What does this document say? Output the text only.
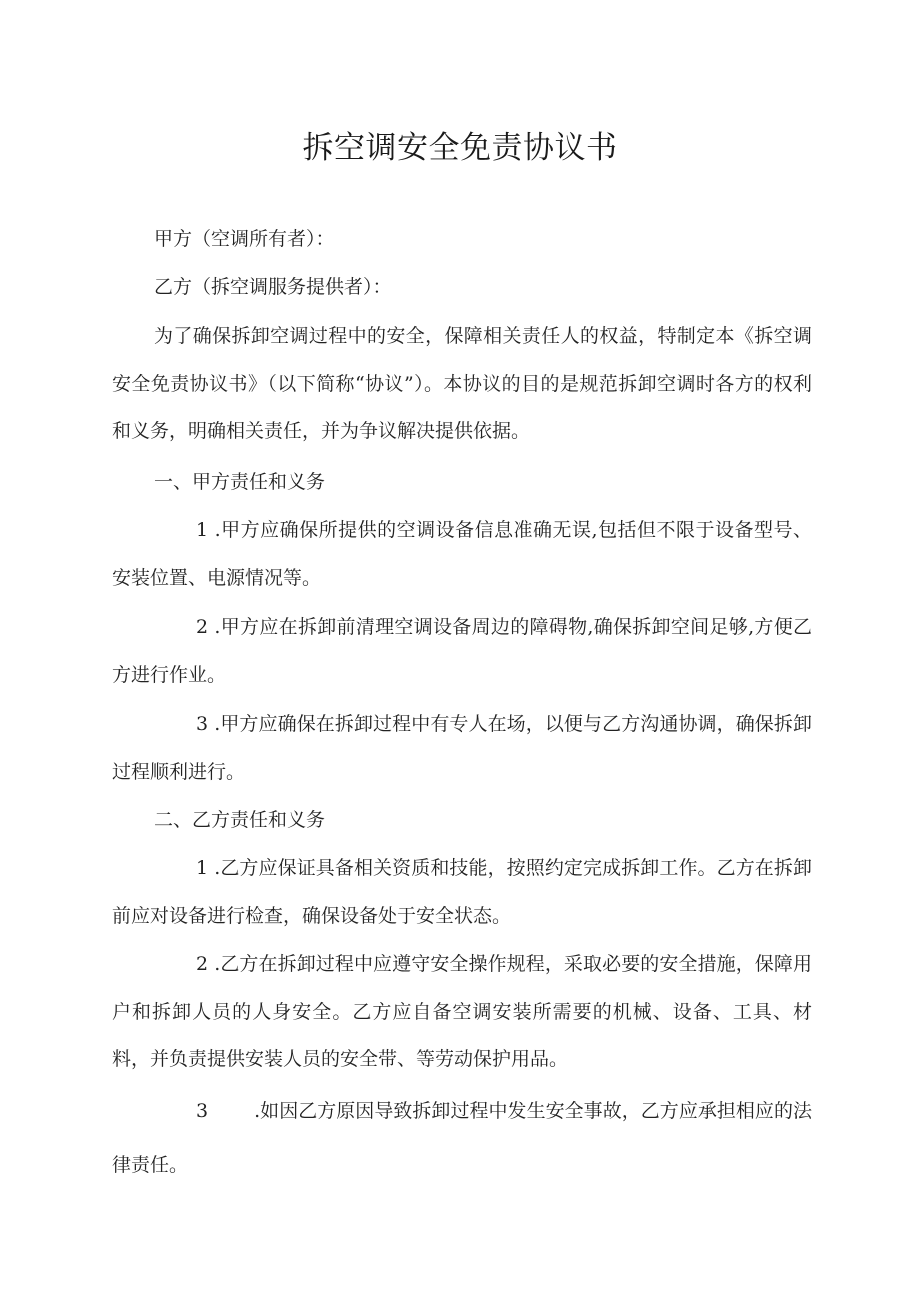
拆空调安全免责协议书

甲方（空调所有者）：

乙方（拆空调服务提供者）：

为了确保拆卸空调过程中的安全，保障相关责任人的权益，特制定本《拆空调安全免责协议书》（以下简称“协议”）。本协议的目的是规范拆卸空调时各方的权利和义务，明确相关责任，并为争议解决提供依据。

一、甲方责任和义务

1 .甲方应确保所提供的空调设备信息准确无误,包括但不限于设备型号、安装位置、电源情况等。

2 .甲方应在拆卸前清理空调设备周边的障碍物,确保拆卸空间足够,方便乙方进行作业。

3 .甲方应确保在拆卸过程中有专人在场，以便与乙方沟通协调，确保拆卸过程顺利进行。

二、乙方责任和义务

1 .乙方应保证具备相关资质和技能，按照约定完成拆卸工作。乙方在拆卸前应对设备进行检查，确保设备处于安全状态。

2 .乙方在拆卸过程中应遵守安全操作规程，采取必要的安全措施，保障用户和拆卸人员的人身安全。乙方应自备空调安装所需要的机械、设备、工具、材料，并负责提供安装人员的安全带、等劳动保护用品。

3 .如因乙方原因导致拆卸过程中发生安全事故，乙方应承担相应的法律责任。
